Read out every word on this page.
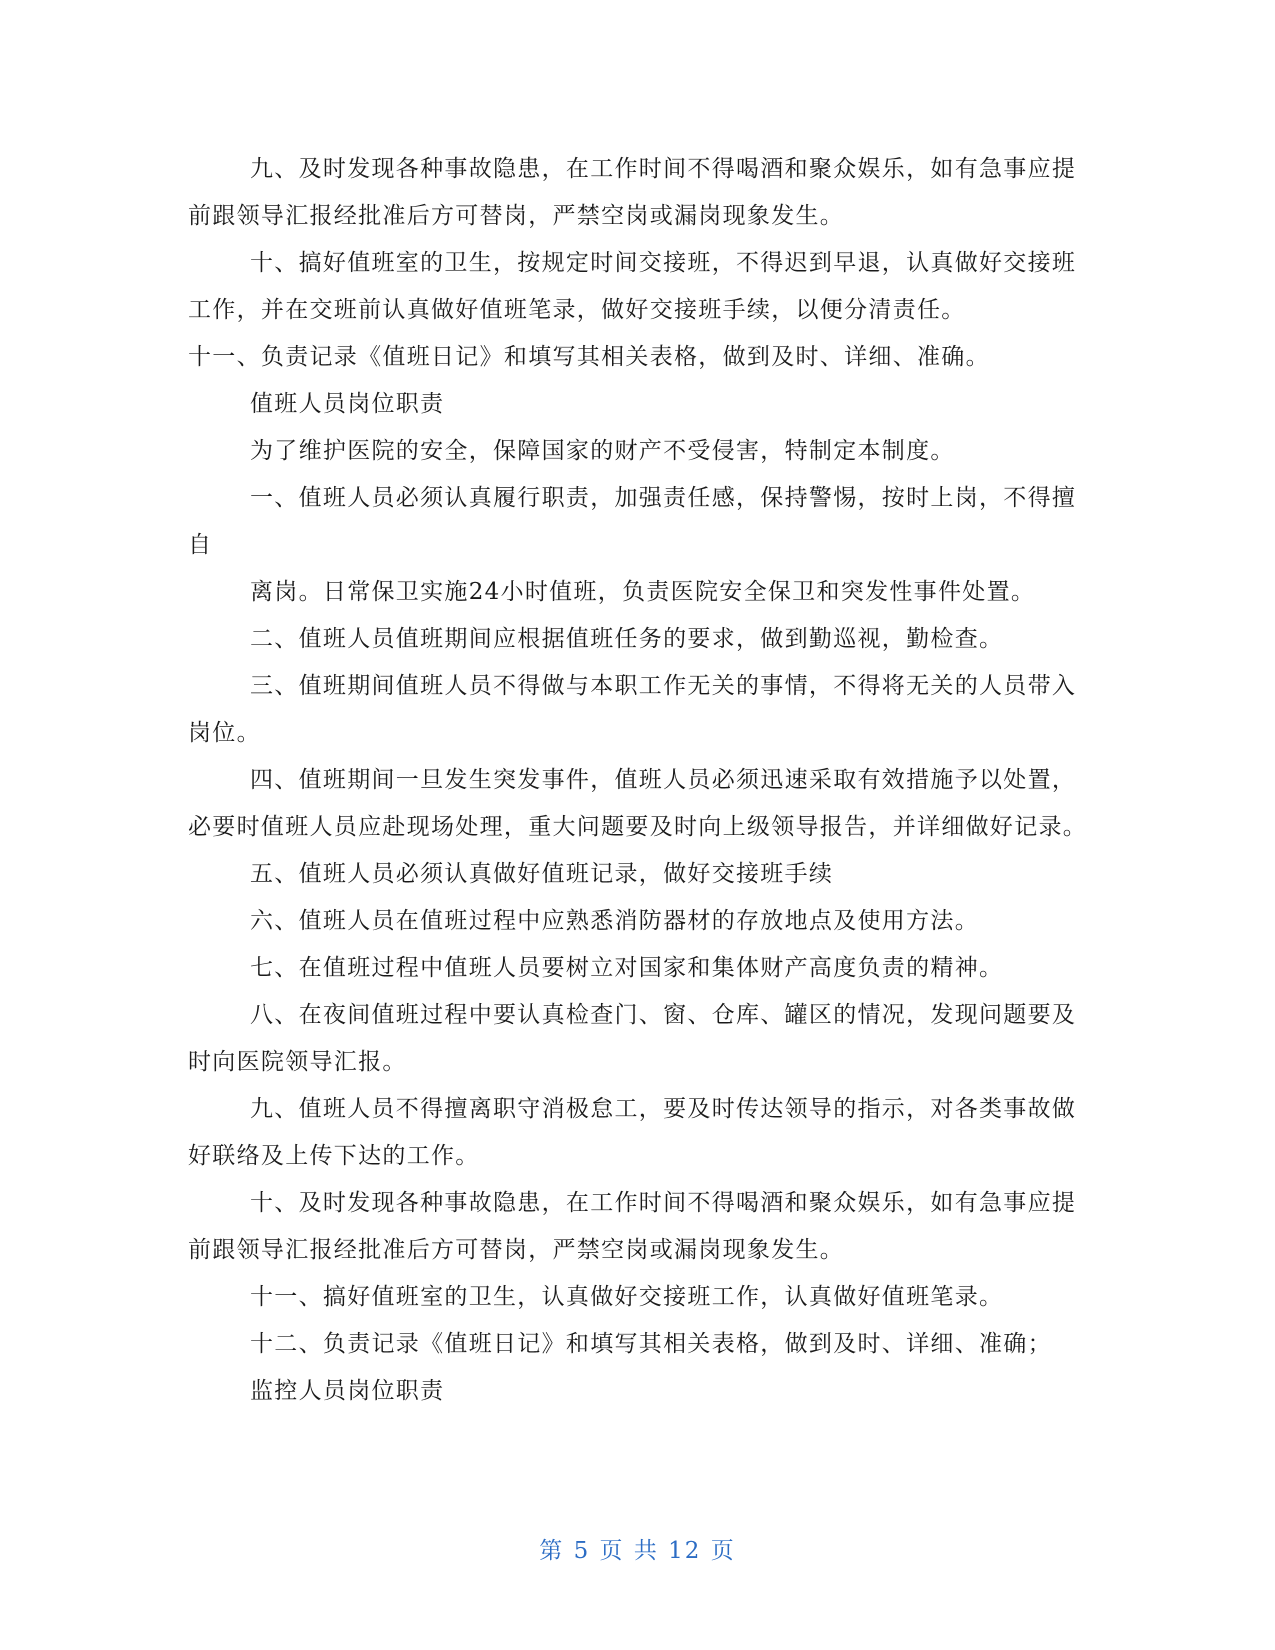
九、及时发现各种事故隐患，在工作时间不得喝酒和聚众娱乐，如有急事应提前跟领导汇报经批准后方可替岗，严禁空岗或漏岗现象发生。

十、搞好值班室的卫生，按规定时间交接班，不得迟到早退，认真做好交接班工作，并在交班前认真做好值班笔录，做好交接班手续，以便分清责任。

十一、负责记录《值班日记》和填写其相关表格，做到及时、详细、准确。

值班人员岗位职责

为了维护医院的安全，保障国家的财产不受侵害，特制定本制度。

一、值班人员必须认真履行职责，加强责任感，保持警惕，按时上岗，不得擅自

离岗。日常保卫实施24小时值班，负责医院安全保卫和突发性事件处置。

二、值班人员值班期间应根据值班任务的要求，做到勤巡视，勤检查。

三、值班期间值班人员不得做与本职工作无关的事情，不得将无关的人员带入岗位。

四、值班期间一旦发生突发事件，值班人员必须迅速采取有效措施予以处置，必要时值班人员应赴现场处理，重大问题要及时向上级领导报告，并详细做好记录。

五、值班人员必须认真做好值班记录，做好交接班手续

六、值班人员在值班过程中应熟悉消防器材的存放地点及使用方法。

七、在值班过程中值班人员要树立对国家和集体财产高度负责的精神。

八、在夜间值班过程中要认真检查门、窗、仓库、罐区的情况，发现问题要及时向医院领导汇报。

九、值班人员不得擅离职守消极怠工，要及时传达领导的指示，对各类事故做好联络及上传下达的工作。

十、及时发现各种事故隐患，在工作时间不得喝酒和聚众娱乐，如有急事应提前跟领导汇报经批准后方可替岗，严禁空岗或漏岗现象发生。

十一、搞好值班室的卫生，认真做好交接班工作，认真做好值班笔录。

十二、负责记录《值班日记》和填写其相关表格，做到及时、详细、准确；

监控人员岗位职责

第 5 页 共 12 页
